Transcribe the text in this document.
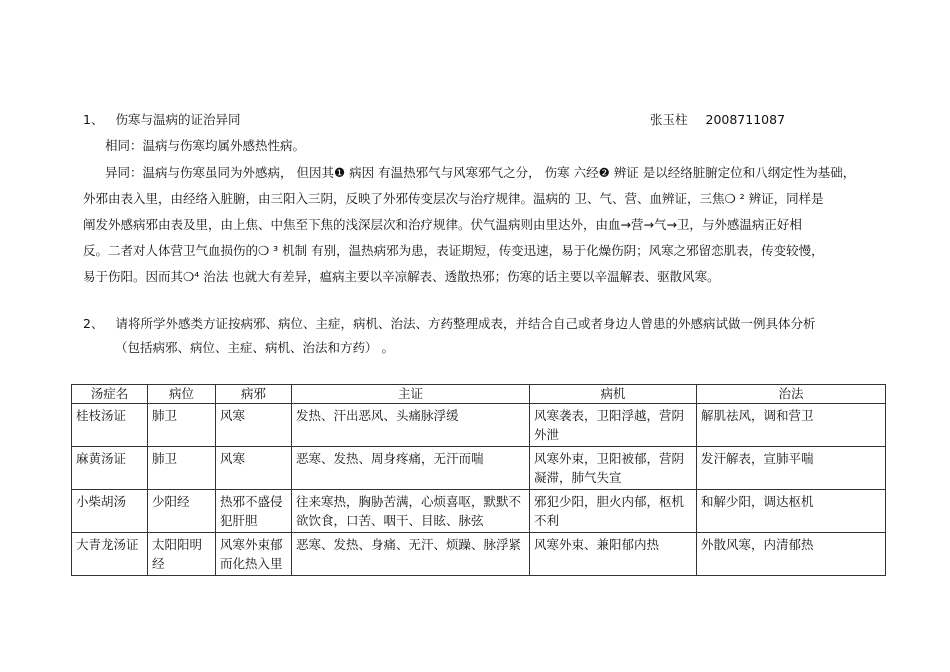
1、 伤寒与温病的证治异同	张玉柱 2008711087
相同：温病与伤寒均属外感热性病。
异同：温病与伤寒虽同为外感病， 但因其❶ 病因 有温热邪气与风寒邪气之分， 伤寒 六经❷ 辨证 是以经络脏腑定位和八纲定性为基础，
外邪由表入里，由经络入脏腑，由三阳入三阴，反映了外邪传变层次与治疗规律。温病的 卫、气、营、血辨证，三焦❍ ² 辨证，同样是
阐发外感病邪由表及里，由上焦、中焦至下焦的浅深层次和治疗规律。伏气温病则由里达外，由血→营→气→卫，与外感温病正好相
反。二者对人体营卫气血损伤的❍ ³ 机制 有别，温热病邪为患，表证期短，传变迅速，易于化燥伤阴；风寒之邪留恋肌表，传变较慢，
易于伤阳。因而其❍⁴ 治法 也就大有差异，瘟病主要以辛凉解表、透散热邪；伤寒的话主要以辛温解表、驱散风寒。
2、 请将所学外感类方证按病邪、病位、主症，病机、治法、方药整理成表，并结合自己或者身边人曾患的外感病试做一例具体分析
（包括病邪、病位、主症、病机、治法和方药） 。
汤症名	病位	病邪	主证	病机	治法
桂枝汤证	肺卫	风寒	发热、汗出恶风、头痛脉浮缓	风寒袭表，卫阳浮越，营阴外泄	解肌祛风，调和营卫
麻黄汤证	肺卫	风寒	恶寒、发热、周身疼痛，无汗而喘	风寒外束，卫阳被郁，营阴凝滞，肺气失宣	发汗解表，宣肺平喘
小柴胡汤	少阳经	热邪不盛侵犯肝胆	往来寒热，胸胁苦满，心烦喜呕，默默不欲饮食，口苦、咽干、目眩、脉弦	邪犯少阳，胆火内郁，枢机不利	和解少阳，调达枢机
大青龙汤证	太阳阳明经	风寒外束郁而化热入里	恶寒、发热、身痛、无汗、烦躁、脉浮紧	风寒外束、兼阳郁内热	外散风寒，内清郁热
